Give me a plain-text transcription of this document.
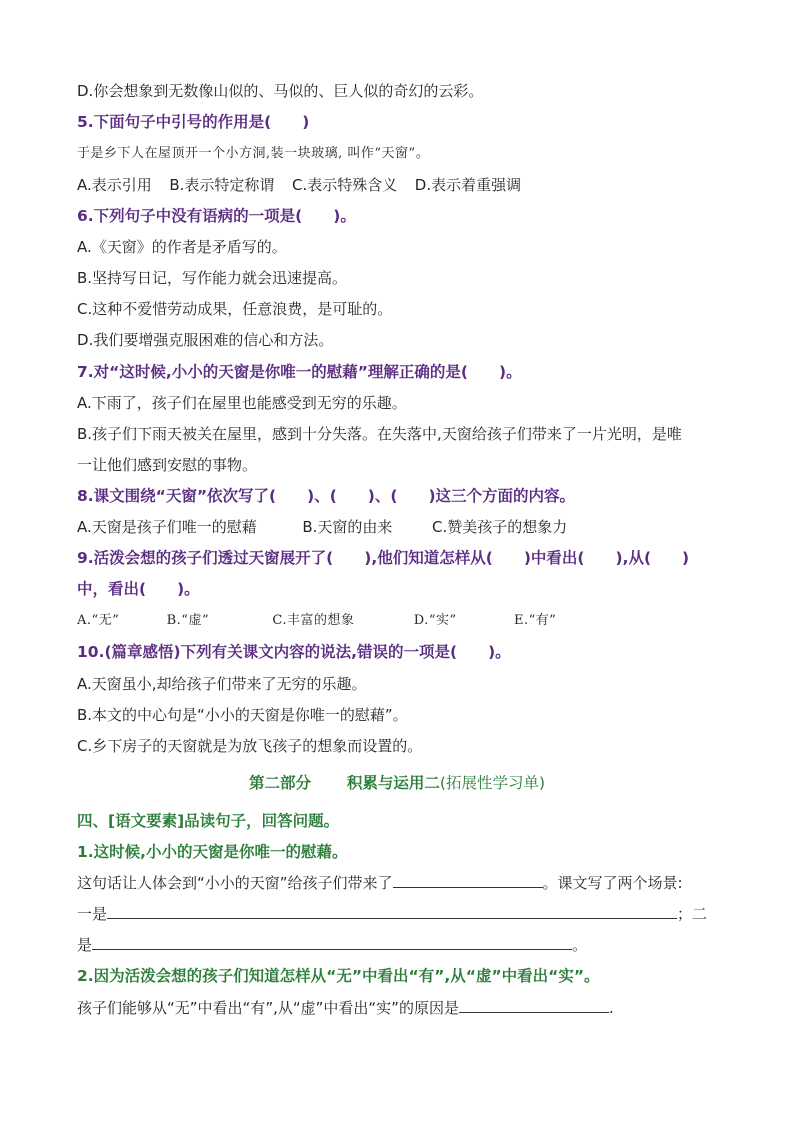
D.你会想象到无数像山似的、马似的、巨人似的奇幻的云彩。
5.下面句子中引号的作用是(　　)
于是乡下人在屋顶开一个小方洞,装一块玻璃, 叫作“天窗”。
A.表示引用 B.表示特定称谓 C.表示特殊含义 D.表示着重强调
6.下列句子中没有语病的一项是(　　)。
A.《天窗》的作者是矛盾写的。
B.坚持写日记，写作能力就会迅速提高。
C.这种不爱惜劳动成果，任意浪费，是可耻的。
D.我们要增强克服困难的信心和方法。
7.对“这时候,小小的天窗是你唯一的慰藉”理解正确的是(　　)。
A.下雨了，孩子们在屋里也能感受到无穷的乐趣。
B.孩子们下雨天被关在屋里，感到十分失落。在失落中,天窗给孩子们带来了一片光明，是唯
一让他们感到安慰的事物。
8.课文围绕“天窗”依次写了(　　)、(　　)、(　　)这三个方面的内容。
A.天窗是孩子们唯一的慰藉	B.天窗的由来	C.赞美孩子的想象力
9.活泼会想的孩子们透过天窗展开了(　　),他们知道怎样从(　　)中看出(　　),从(　　)
中，看出(　　)。
A.“无”	B.“虚”	C.丰富的想象	D.“实”	E.“有”
10.(篇章感悟)下列有关课文内容的说法,错误的一项是(　　)。
A.天窗虽小,却给孩子们带来了无穷的乐趣。
B.本文的中心句是“小小的天窗是你唯一的慰藉”。
C.乡下房子的天窗就是为放飞孩子的想象而设置的。
第二部分 积累与运用二(拓展性学习单)
四、[语文要素]品读句子，回答问题。
1.这时候,小小的天窗是你唯一的慰藉。
这句话让人体会到“小小的天窗”给孩子们带来了	。课文写了两个场景:
一是	；二
是	。
2.因为活泼会想的孩子们知道怎样从“无”中看出“有”,从“虚”中看出“实”。
孩子们能够从“无”中看出“有”,从“虚”中看出“实”的原因是	.
